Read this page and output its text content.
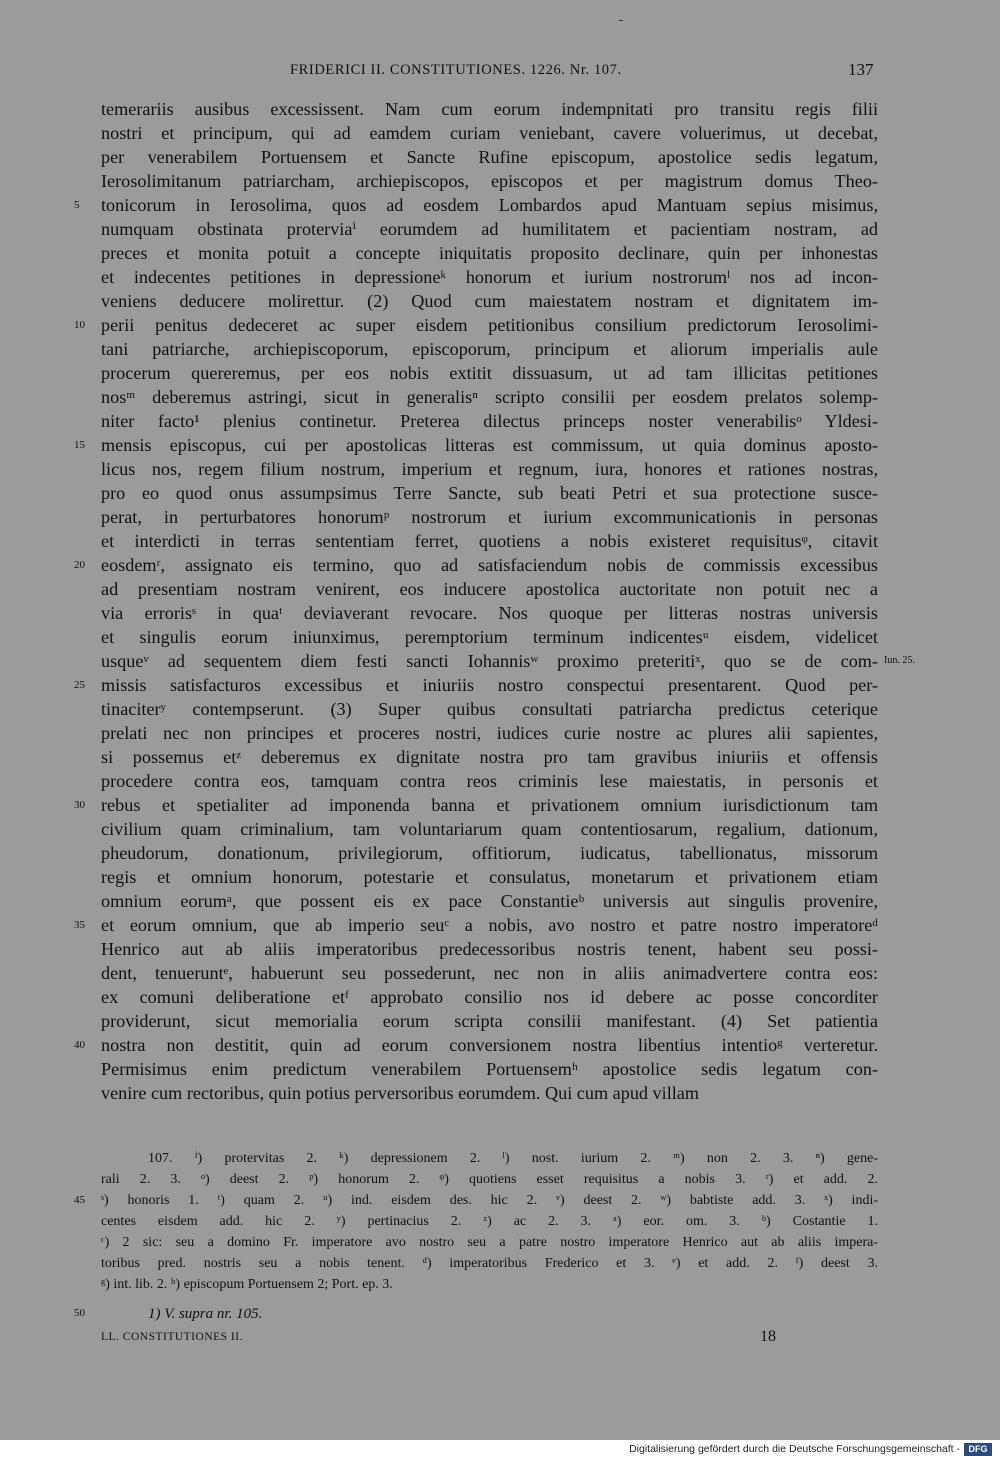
FRIDERICI II. CONSTITUTIONES. 1226. Nr. 107.	137
temerariis ausibus excessissent. Nam cum eorum indempnitati pro transitu regis filii
nostri et principum, qui ad eamdem curiam veniebant, cavere voluerimus, ut decebat,
per venerabilem Portuensem et Sancte Rufine episcopum, apostolice sedis legatum,
Ierosolimitanum patriarcham, archiepiscopos, episcopos et per magistrum domus Theo-
tonicorum in Ierosolima, quos ad eosdem Lombardos apud Mantuam sepius misimus,
numquam obstinata proterviaⁱ eorumdem ad humilitatem et pacientiam nostram, ad
preces et monita potuit a concepte iniquitatis proposito declinare, quin per inhonestas
et indecentes petitiones in depressioneᵏ honorum et iurium nostrorumˡ nos ad incon-
veniens deducere molirettur. (2) Quod cum maiestatem nostram et dignitatem im-
perii penitus dedeceret ac super eisdem petitionibus consilium predictorum Ierosolimi-
tani patriarche, archiepiscoporum, episcoporum, principum et aliorum imperialis aule
procerum quereremus, per eos nobis extitit dissuasum, ut ad tam illicitas petitiones
nosᵐ deberemus astringi, sicut in generalisⁿ scripto consilii per eosdem prelatos solemp-
niter facto¹ plenius continetur. Preterea dilectus princeps noster venerabilisᵒ Yldesi-
mensis episcopus, cui per apostolicas litteras est commissum, ut quia dominus aposto-
licus nos, regem filium nostrum, imperium et regnum, iura, honores et rationes nostras,
pro eo quod onus assumpsimus Terre Sancte, sub beati Petri et sua protectione susce-
perat, in perturbatores honorumᵖ nostrorum et iurium excommunicationis in personas
et interdicti in terras sententiam ferret, quotiens a nobis existeret requisitusᵠ, citavit
eosdemʳ, assignato eis termino, quo ad satisfaciendum nobis de commissis excessibus
ad presentiam nostram venirent, eos inducere apostolica auctoritate non potuit nec a
via errorisˢ in quaᵗ deviaverant revocare. Nos quoque per litteras nostras universis
et singulis eorum iniunximus, peremptorium terminum indicentesᵘ eisdem, videlicet
usqueᵛ ad sequentem diem festi sancti Iohannisʷ proximo preteritiˣ, quo se de com-
missis satisfacturos excessibus et iniuriis nostro conspectui presentarent. Quod per-
tinaciterʸ contempserunt. (3) Super quibus consultati patriarcha predictus ceterique
prelati nec non principes et proceres nostri, iudices curie nostre ac plures alii sapientes,
si possemus etᶻ deberemus ex dignitate nostra pro tam gravibus iniuriis et offensis
procedere contra eos, tamquam contra reos criminis lese maiestatis, in personis et
rebus et spetialiter ad imponenda banna et privationem omnium iurisdictionum tam
civilium quam criminalium, tam voluntariarum quam contentiosarum, regalium, dationum,
pheudorum, donationum, privilegiorum, offitiorum, iudicatus, tabellionatus, missorum
regis et omnium honorum, potestarie et consulatus, monetarum et privationem etiam
omnium eorumᵃ, que possent eis ex pace Constantieᵇ universis aut singulis provenire,
et eorum omnium, que ab imperio seuᶜ a nobis, avo nostro et patre nostro imperatoreᵈ
Henrico aut ab aliis imperatoribus predecessoribus nostris tenent, habent seu possi-
dent, tenueruntᵉ, habuerunt seu possederunt, nec non in aliis animadvertere contra eos:
ex comuni deliberatione etᶠ approbato consilio nos id debere ac posse concorditer
providerunt, sicut memorialia eorum scripta consilii manifestant. (4) Set patientia
nostra non destitit, quin ad eorum conversionem nostra libentius intentioᵍ verteretur.
Permisimus enim predictum venerabilem Portuensemʰ apostolice sedis legatum con-
venire cum rectoribus, quin potius perversoribus eorumdem. Qui cum apud villam
5
10
15
20
25
30
35
40
Iun. 25.
107. ⁱ) protervitas 2. ᵏ) depressionem 2. ˡ) nost. iurium 2. ᵐ) non 2. 3. ⁿ) gene-
rali 2. 3. ᵒ) deest 2. ᵖ) honorum 2. ᵠ) quotiens esset requisitus a nobis 3. ʳ) et add. 2.
ˢ) honoris 1. ᵗ) quam 2. ᵘ) ind. eisdem des. hic 2. ᵛ) deest 2. ʷ) babtiste add. 3. ˣ) indi-
centes eisdem add. hic 2. ʸ) pertinacius 2. ᶻ) ac 2. 3. ᵃ) eor. om. 3. ᵇ) Costantie 1.
ᶜ) 2 sic: seu a domino Fr. imperatore avo nostro seu a patre nostro imperatore Henrico aut ab aliis impera-
toribus pred. nostris seu a nobis tenent. ᵈ) imperatoribus Frederico et 3. ᵉ) et add. 2. ᶠ) deest 3.
ᵍ) int. lib. 2. ʰ) episcopum Portuensem 2; Port. ep. 3.
45
50	1) V. supra nr. 105.
LL. CONSTITUTIONES II.	18
Digitalisierung gefördert durch die Deutsche Forschungsgemeinschaft - DFG
